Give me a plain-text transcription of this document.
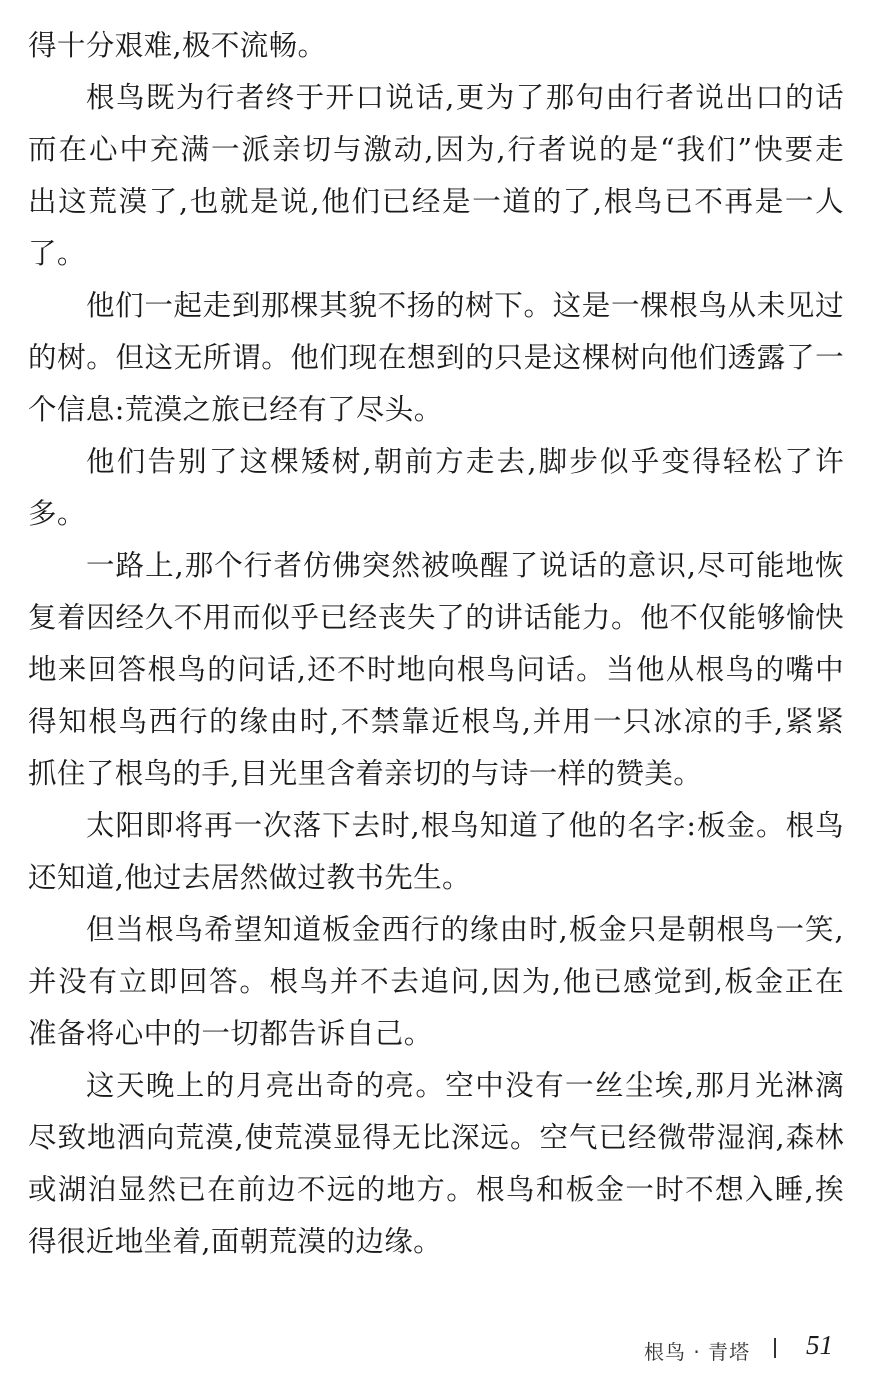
得十分艰难,极不流畅。
根鸟既为行者终于开口说话,更为了那句由行者说出口的话
而在心中充满一派亲切与激动,因为,行者说的是“我们”快要走
出这荒漠了,也就是说,他们已经是一道的了,根鸟已不再是一人
了。
他们一起走到那棵其貌不扬的树下。这是一棵根鸟从未见过
的树。但这无所谓。他们现在想到的只是这棵树向他们透露了一
个信息:荒漠之旅已经有了尽头。
他们告别了这棵矮树,朝前方走去,脚步似乎变得轻松了许
多。
一路上,那个行者仿佛突然被唤醒了说话的意识,尽可能地恢
复着因经久不用而似乎已经丧失了的讲话能力。他不仅能够愉快
地来回答根鸟的问话,还不时地向根鸟问话。当他从根鸟的嘴中
得知根鸟西行的缘由时,不禁靠近根鸟,并用一只冰凉的手,紧紧
抓住了根鸟的手,目光里含着亲切的与诗一样的赞美。
太阳即将再一次落下去时,根鸟知道了他的名字:板金。根鸟
还知道,他过去居然做过教书先生。
但当根鸟希望知道板金西行的缘由时,板金只是朝根鸟一笑,
并没有立即回答。根鸟并不去追问,因为,他已感觉到,板金正在
准备将心中的一切都告诉自己。
这天晚上的月亮出奇的亮。空中没有一丝尘埃,那月光淋漓
尽致地洒向荒漠,使荒漠显得无比深远。空气已经微带湿润,森林
或湖泊显然已在前边不远的地方。根鸟和板金一时不想入睡,挨
得很近地坐着,面朝荒漠的边缘。
根鸟 · 青塔 51
